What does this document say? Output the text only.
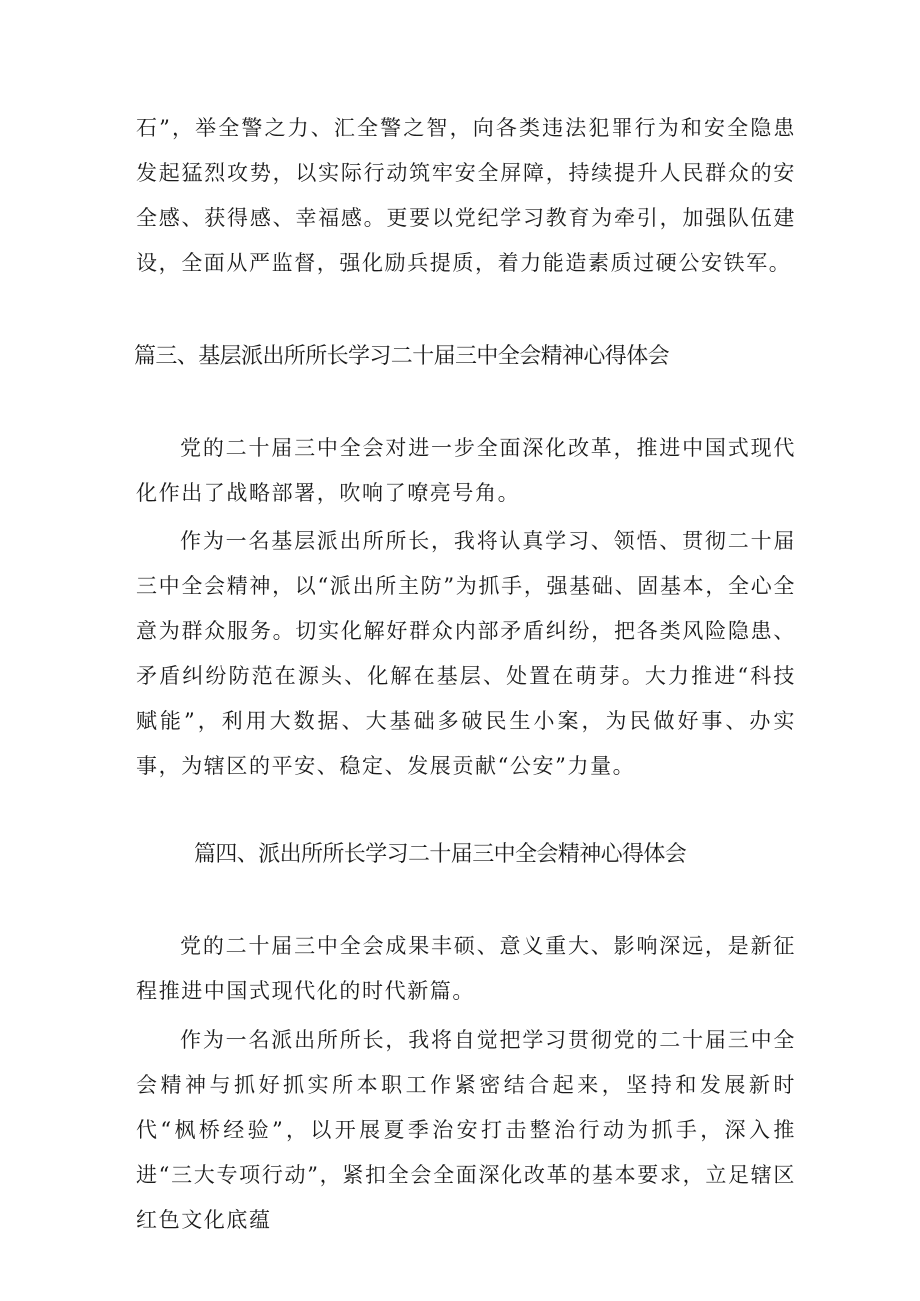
石”，举全警之力、汇全警之智，向各类违法犯罪行为和安全隐患发起猛烈攻势，以实际行动筑牢安全屏障，持续提升人民群众的安全感、获得感、幸福感。更要以党纪学习教育为牵引，加强队伍建设，全面从严监督，强化励兵提质，着力能造素质过硬公安铁军。

篇三、基层派出所所长学习二十届三中全会精神心得体会

党的二十届三中全会对进一步全面深化改革，推进中国式现代化作出了战略部署，吹响了嘹亮号角。

作为一名基层派出所所长，我将认真学习、领悟、贯彻二十届三中全会精神，以“派出所主防”为抓手，强基础、固基本，全心全意为群众服务。切实化解好群众内部矛盾纠纷，把各类风险隐患、矛盾纠纷防范在源头、化解在基层、处置在萌芽。大力推进“科技赋能”，利用大数据、大基础多破民生小案，为民做好事、办实事，为辖区的平安、稳定、发展贡献“公安”力量。

篇四、派出所所长学习二十届三中全会精神心得体会

党的二十届三中全会成果丰硕、意义重大、影响深远，是新征程推进中国式现代化的时代新篇。

作为一名派出所所长，我将自觉把学习贯彻党的二十届三中全会精神与抓好抓实所本职工作紧密结合起来，坚持和发展新时代“枫桥经验”，以开展夏季治安打击整治行动为抓手，深入推进“三大专项行动”，紧扣全会全面深化改革的基本要求，立足辖区红色文化底蕴
